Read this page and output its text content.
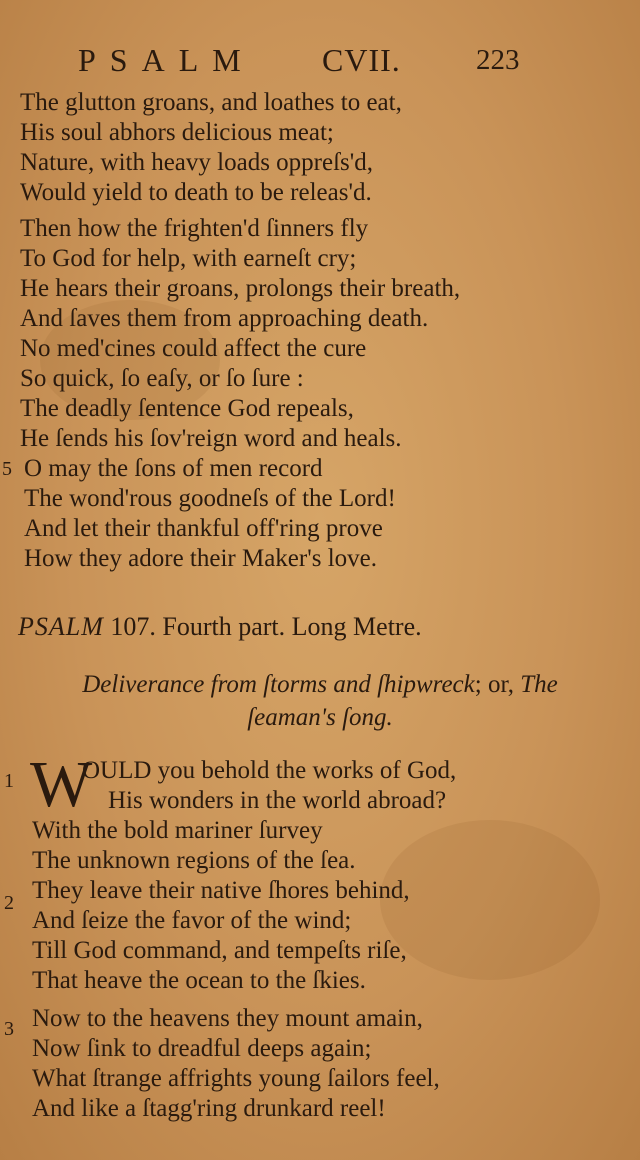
PSALM CVII.	223
The glutton groans, and loathes to eat,
His soul abhors delicious meat;
Nature, with heavy loads oppreſs'd,
Would yield to death to be releas'd.
Then how the frighten'd ſinners fly
To God for help, with earneſt cry;
He hears their groans, prolongs their breath,
And ſaves them from approaching death.
No med'cines could affect the cure
So quick, ſo eaſy, or ſo ſure :
The deadly ſentence God repeals,
He ſends his ſov'reign word and heals.
5 O may the ſons of men record
The wond'rous goodneſs of the Lord!
And let their thankful off'ring prove
How they adore their Maker's love.
PSALM 107. Fourth part. Long Metre.
Deliverance from ſtorms and ſhipwreck; or, The
ſeaman's ſong.
1 W
OULD you behold the works of God,
His wonders in the world abroad?
With the bold mariner ſurvey
The unknown regions of the ſea.
2 They leave their native ſhores behind,
And ſeize the favor of the wind;
Till God command, and tempeſts riſe,
That heave the ocean to the ſkies.
3 Now to the heavens they mount amain,
Now ſink to dreadful deeps again;
What ſtrange affrights young ſailors feel,
And like a ſtagg'ring drunkard reel!
